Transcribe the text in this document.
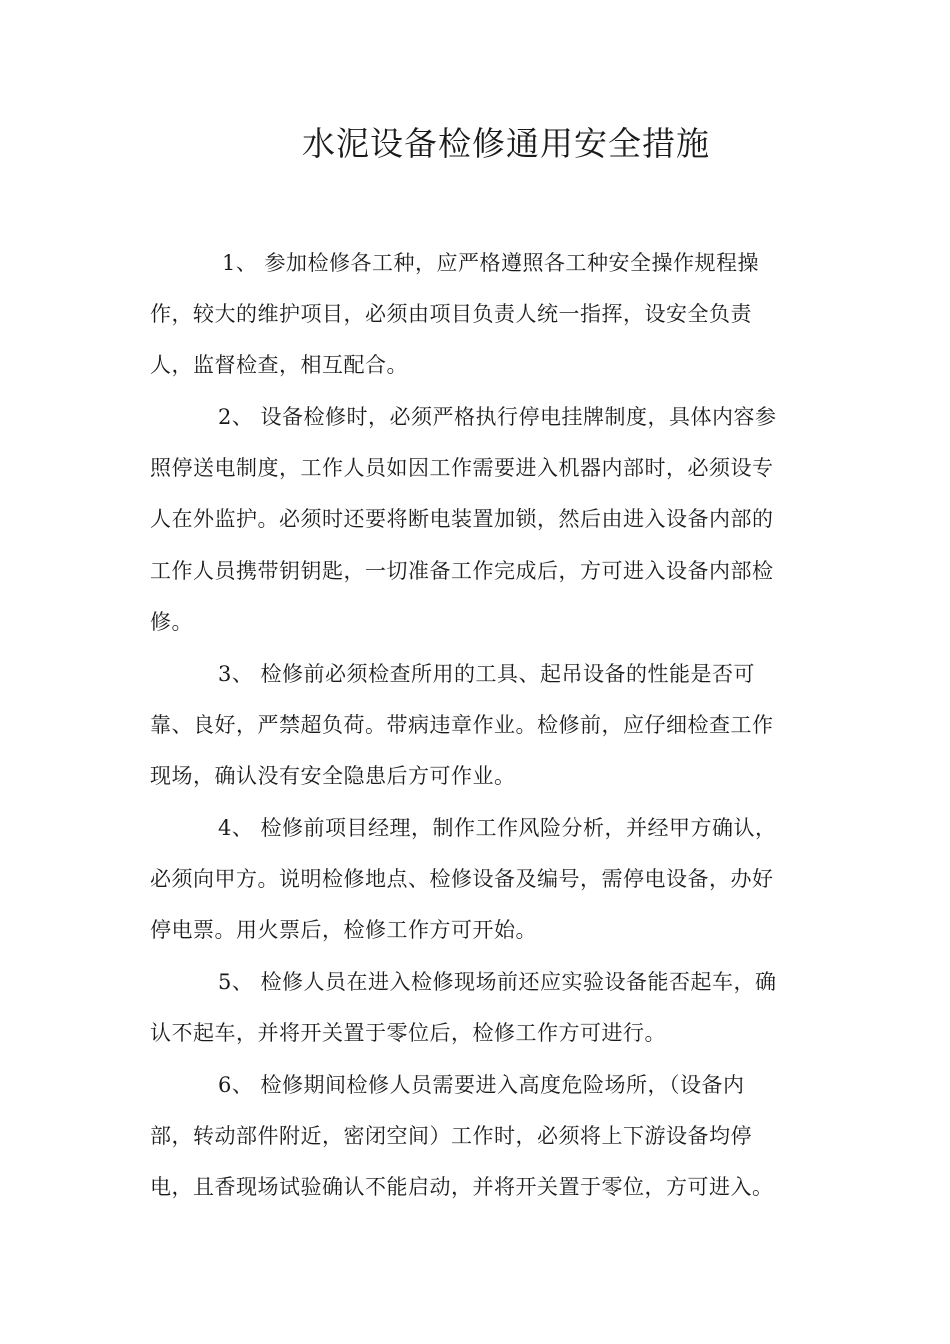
水泥设备检修通用安全措施
1、 参加检修各工种，应严格遵照各工种安全操作规程操
作，较大的维护项目，必须由项目负责人统一指挥，设安全负责
人，监督检查，相互配合。
2、 设备检修时，必须严格执行停电挂牌制度，具体内容参
照停送电制度，工作人员如因工作需要进入机器内部时，必须设专
人在外监护。必须时还要将断电装置加锁，然后由进入设备内部的
工作人员携带钥钥匙，一切准备工作完成后，方可进入设备内部检
修。
3、 检修前必须检查所用的工具、起吊设备的性能是否可
靠、良好，严禁超负荷。带病违章作业。检修前，应仔细检查工作
现场，确认没有安全隐患后方可作业。
4、 检修前项目经理，制作工作风险分析，并经甲方确认，
必须向甲方。说明检修地点、检修设备及编号，需停电设备，办好
停电票。用火票后，检修工作方可开始。
5、 检修人员在进入检修现场前还应实验设备能否起车，确
认不起车，并将开关置于零位后，检修工作方可进行。
6、 检修期间检修人员需要进入高度危险场所，（设备内
部，转动部件附近，密闭空间）工作时，必须将上下游设备均停
电，且香现场试验确认不能启动，并将开关置于零位，方可进入。
